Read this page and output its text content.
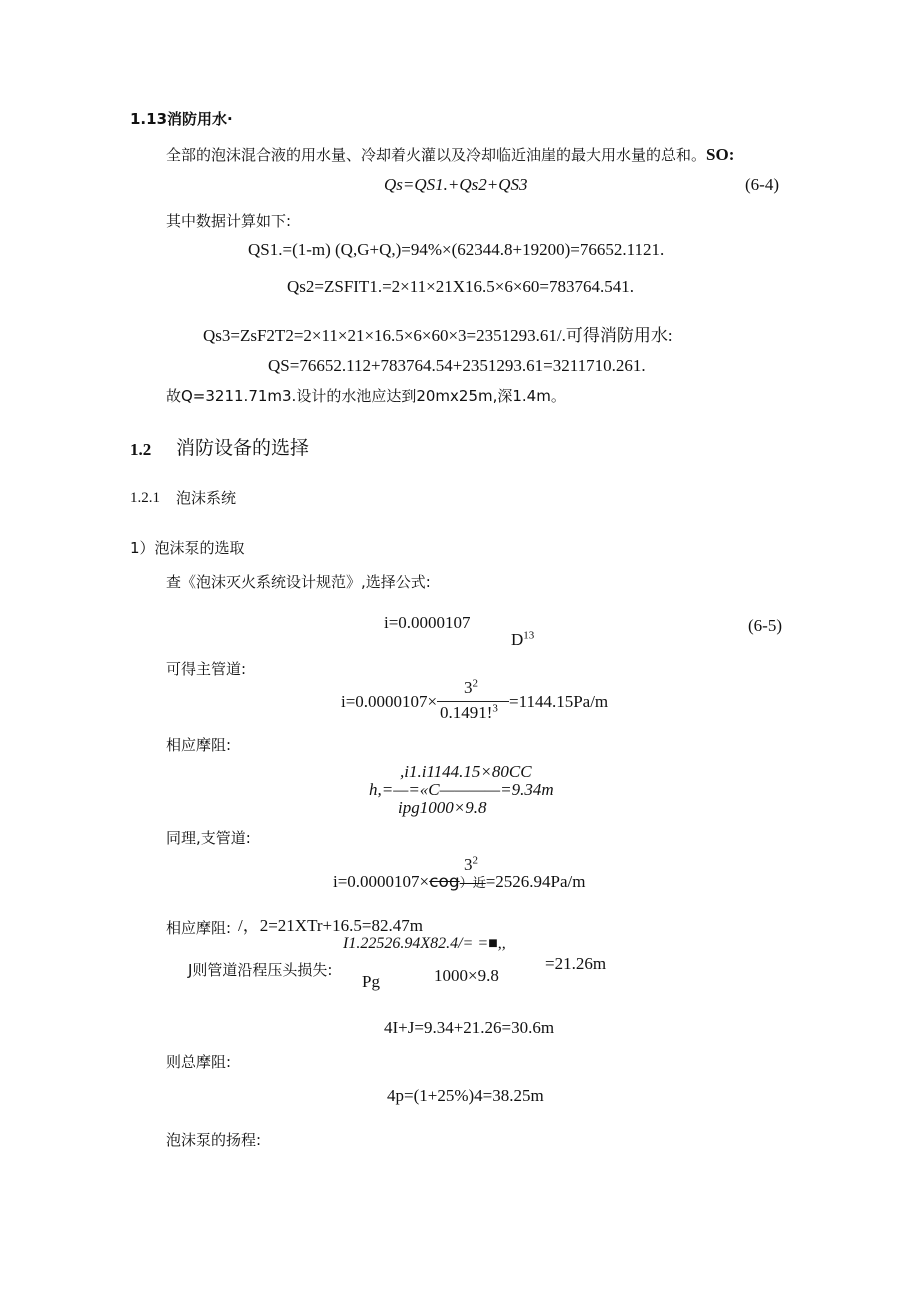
1.13消防用水·
全部的泡沫混合液的用水量、冷却着火灌以及冷却临近油崖的最大用水量的总和。SO:
Qs=QS1.+Qs2+QS3	(6-4)
其中数据计算如下:
QS1.=(1-m) (Q,G+Q,)=94%×(62344.8+19200)=76652.1121.
Qs2=ZSFIT1.=2×11×21X16.5×6×60=783764.541.
Qs3=ZsF2T2=2×11×21×16.5×6×60×3=2351293.61/.可得消防用水:
QS=76652.112+783764.54+2351293.61=3211710.261.
故Q=3211.71m3.设计的水池应达到20mx25m,深1.4m。
1.2 消防设备的选择
1.2.1 泡沫系统
1）泡沫泵的选取
查《泡沫灭火系统设计规范》,选择公式:
i=0.0000107
$D^{13}$
(6-5)
可得主管道:
$3^2$
i=0.0000107×
0.1491!$^3$ =1144.15Pa/m
相应摩阻:
,i1.i1144.15×80CC
h,=—=«C————=9.34m
ipg1000×9.8
同理,支管道:
$3^2$
i=0.0000107×cog）近=2526.94Pa/m
相应摩阻: /，2=21XTr+16.5=82.47m
I1.22526.94X82.4/= =■,,
J则管道沿程压头损失:
Pg	1000×9.8
=21.26m
4I+J=9.34+21.26=30.6m
则总摩阻:
4p=(1+25%)4=38.25m
泡沫泵的扬程:
